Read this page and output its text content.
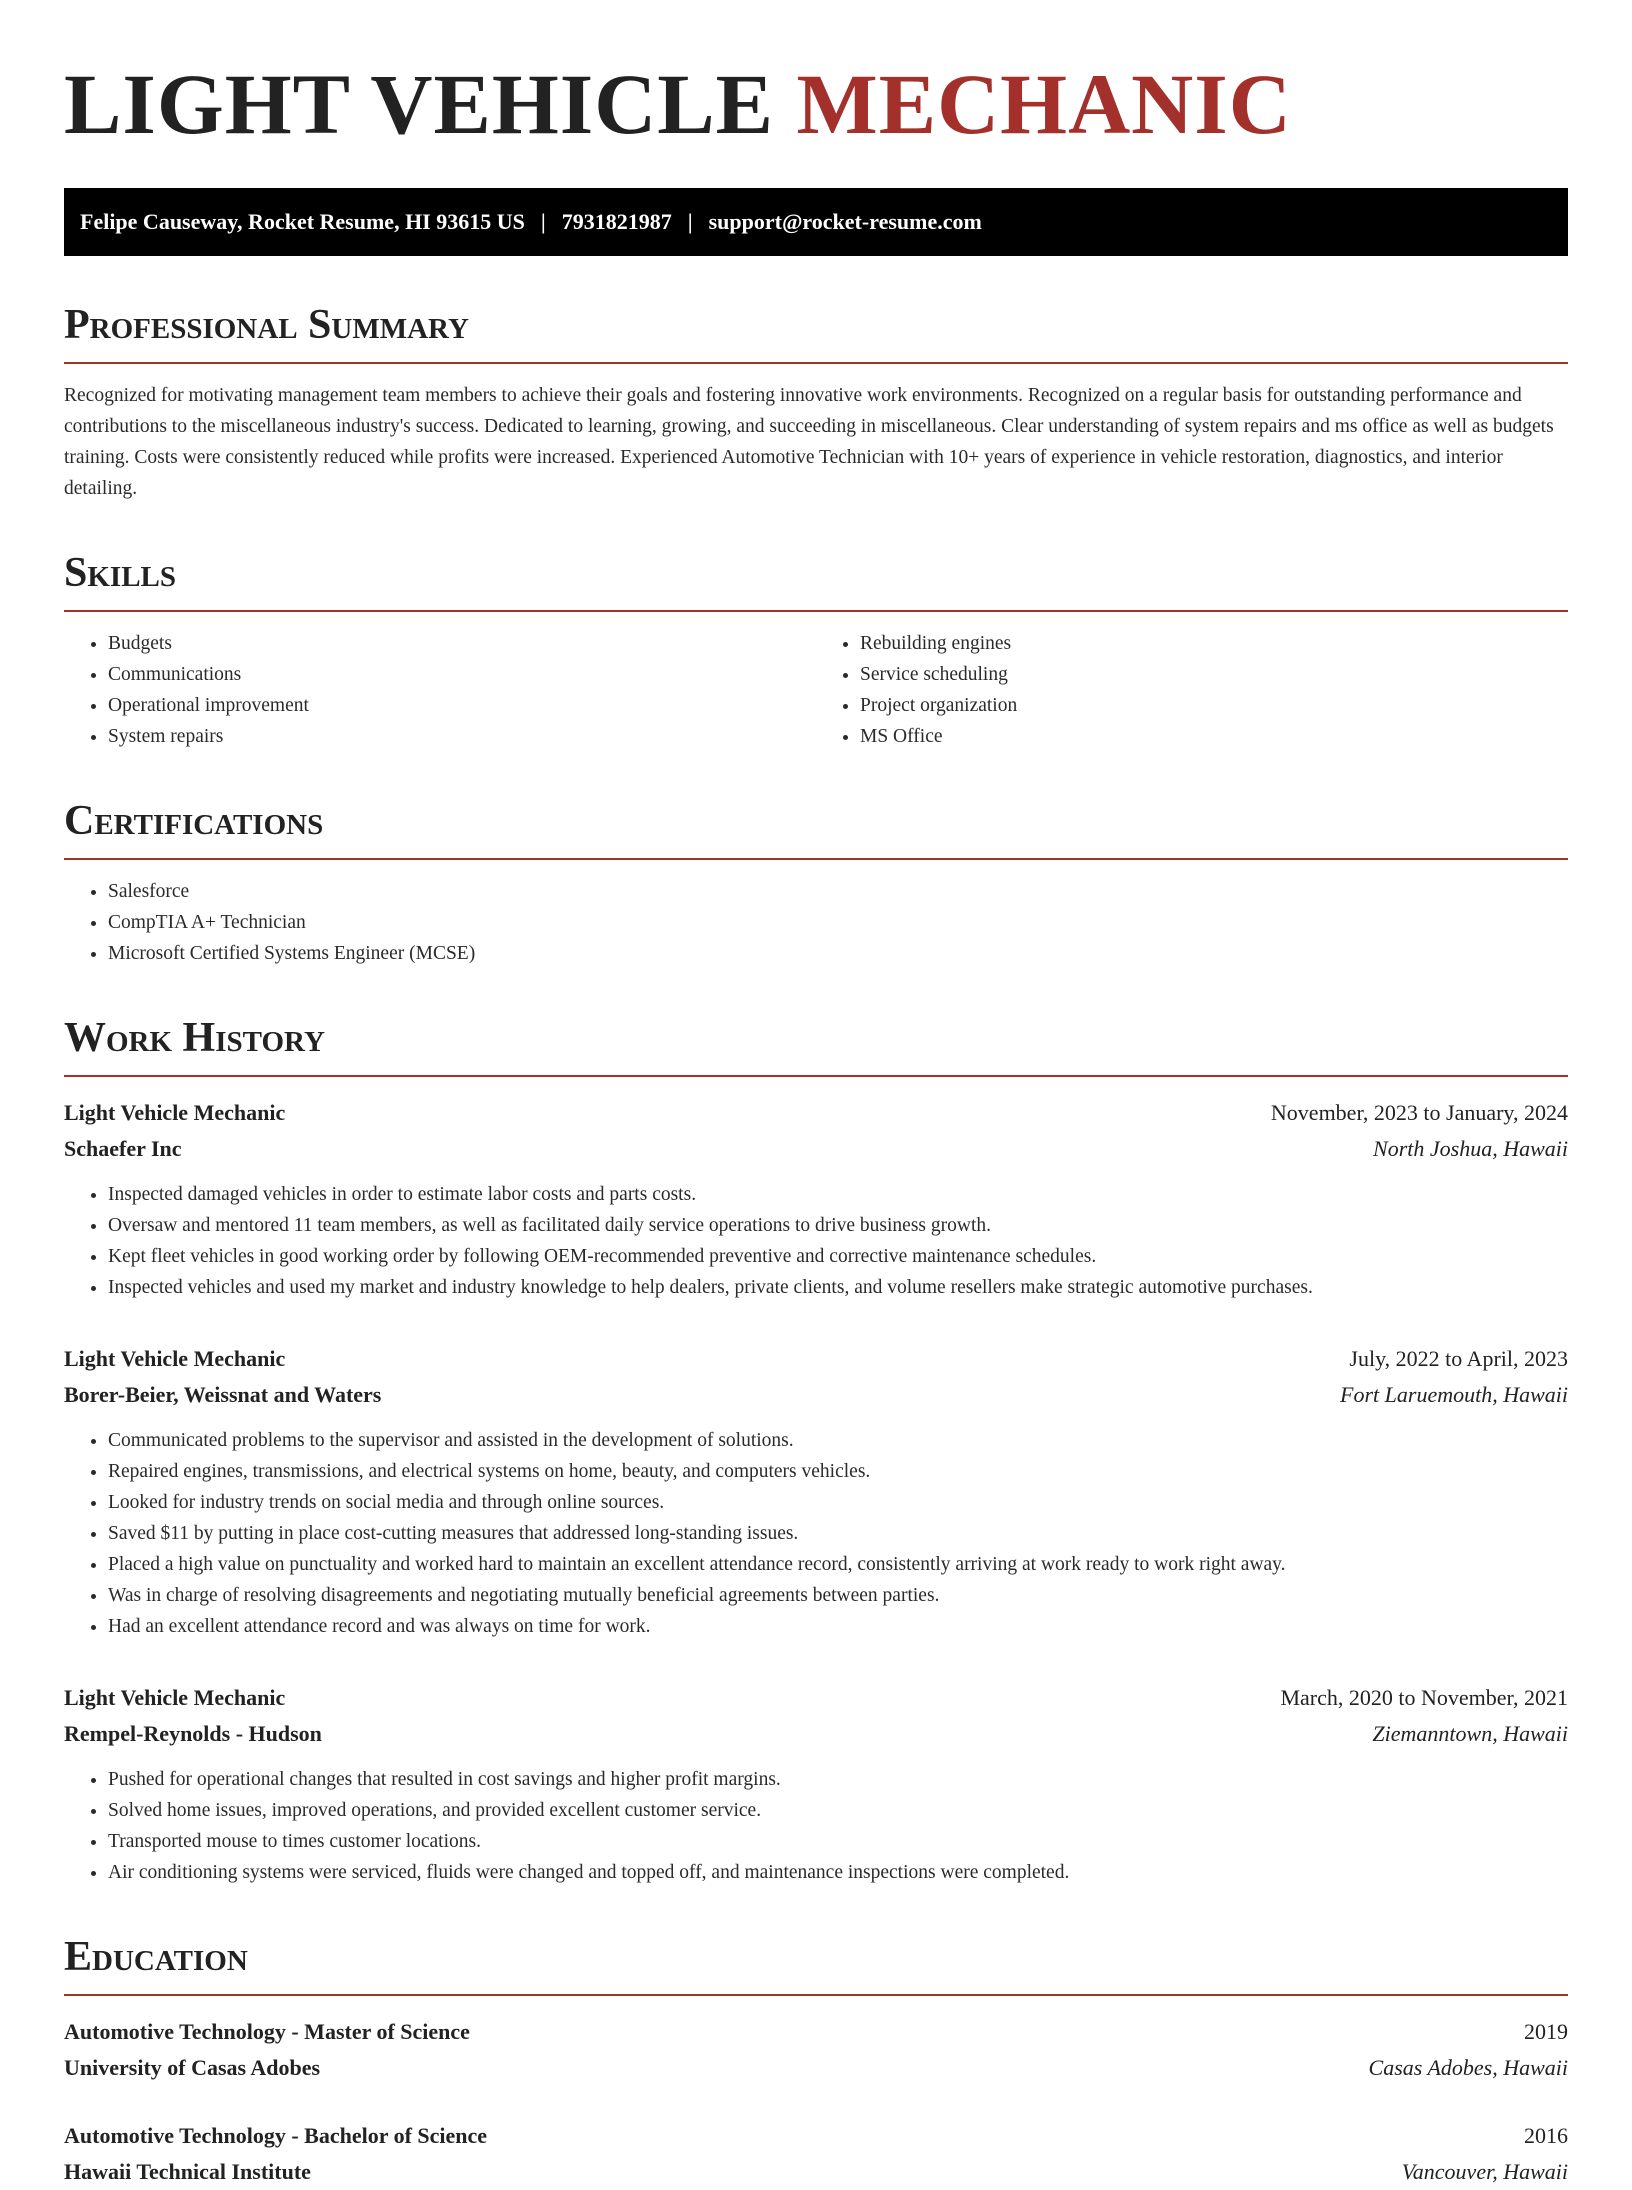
LIGHT VEHICLE MECHANIC
Felipe Causeway, Rocket Resume, HI 93615 US | 7931821987 | support@rocket-resume.com
Professional Summary

Recognized for motivating management team members to achieve their goals and fostering innovative work environments. Recognized on a regular basis for outstanding performance and contributions to the miscellaneous industry's success. Dedicated to learning, growing, and succeeding in miscellaneous. Clear understanding of system repairs and ms office as well as budgets training. Costs were consistently reduced while profits were increased. Experienced Automotive Technician with 10+ years of experience in vehicle restoration, diagnostics, and interior detailing.

Skills
• Budgets
• Communications
• Operational improvement
• System repairs
• Rebuilding engines
• Service scheduling
• Project organization
• MS Office
Certifications
• Salesforce
• CompTIA A+ Technician
• Microsoft Certified Systems Engineer (MCSE)
Work History
Light Vehicle Mechanic	November, 2023 to January, 2024
Schaefer Inc	North Joshua, Hawaii
• Inspected damaged vehicles in order to estimate labor costs and parts costs.
• Oversaw and mentored 11 team members, as well as facilitated daily service operations to drive business growth.
• Kept fleet vehicles in good working order by following OEM-recommended preventive and corrective maintenance schedules.
• Inspected vehicles and used my market and industry knowledge to help dealers, private clients, and volume resellers make strategic automotive purchases.
Light Vehicle Mechanic	July, 2022 to April, 2023
Borer-Beier, Weissnat and Waters	Fort Laruemouth, Hawaii
• Communicated problems to the supervisor and assisted in the development of solutions.
• Repaired engines, transmissions, and electrical systems on home, beauty, and computers vehicles.
• Looked for industry trends on social media and through online sources.
• Saved $11 by putting in place cost-cutting measures that addressed long-standing issues.
• Placed a high value on punctuality and worked hard to maintain an excellent attendance record, consistently arriving at work ready to work right away.
• Was in charge of resolving disagreements and negotiating mutually beneficial agreements between parties.
• Had an excellent attendance record and was always on time for work.
Light Vehicle Mechanic	March, 2020 to November, 2021
Rempel-Reynolds - Hudson	Ziemanntown, Hawaii
• Pushed for operational changes that resulted in cost savings and higher profit margins.
• Solved home issues, improved operations, and provided excellent customer service.
• Transported mouse to times customer locations.
• Air conditioning systems were serviced, fluids were changed and topped off, and maintenance inspections were completed.
Education
Automotive Technology - Master of Science	2019
University of Casas Adobes	Casas Adobes, Hawaii
Automotive Technology - Bachelor of Science	2016
Hawaii Technical Institute	Vancouver, Hawaii
